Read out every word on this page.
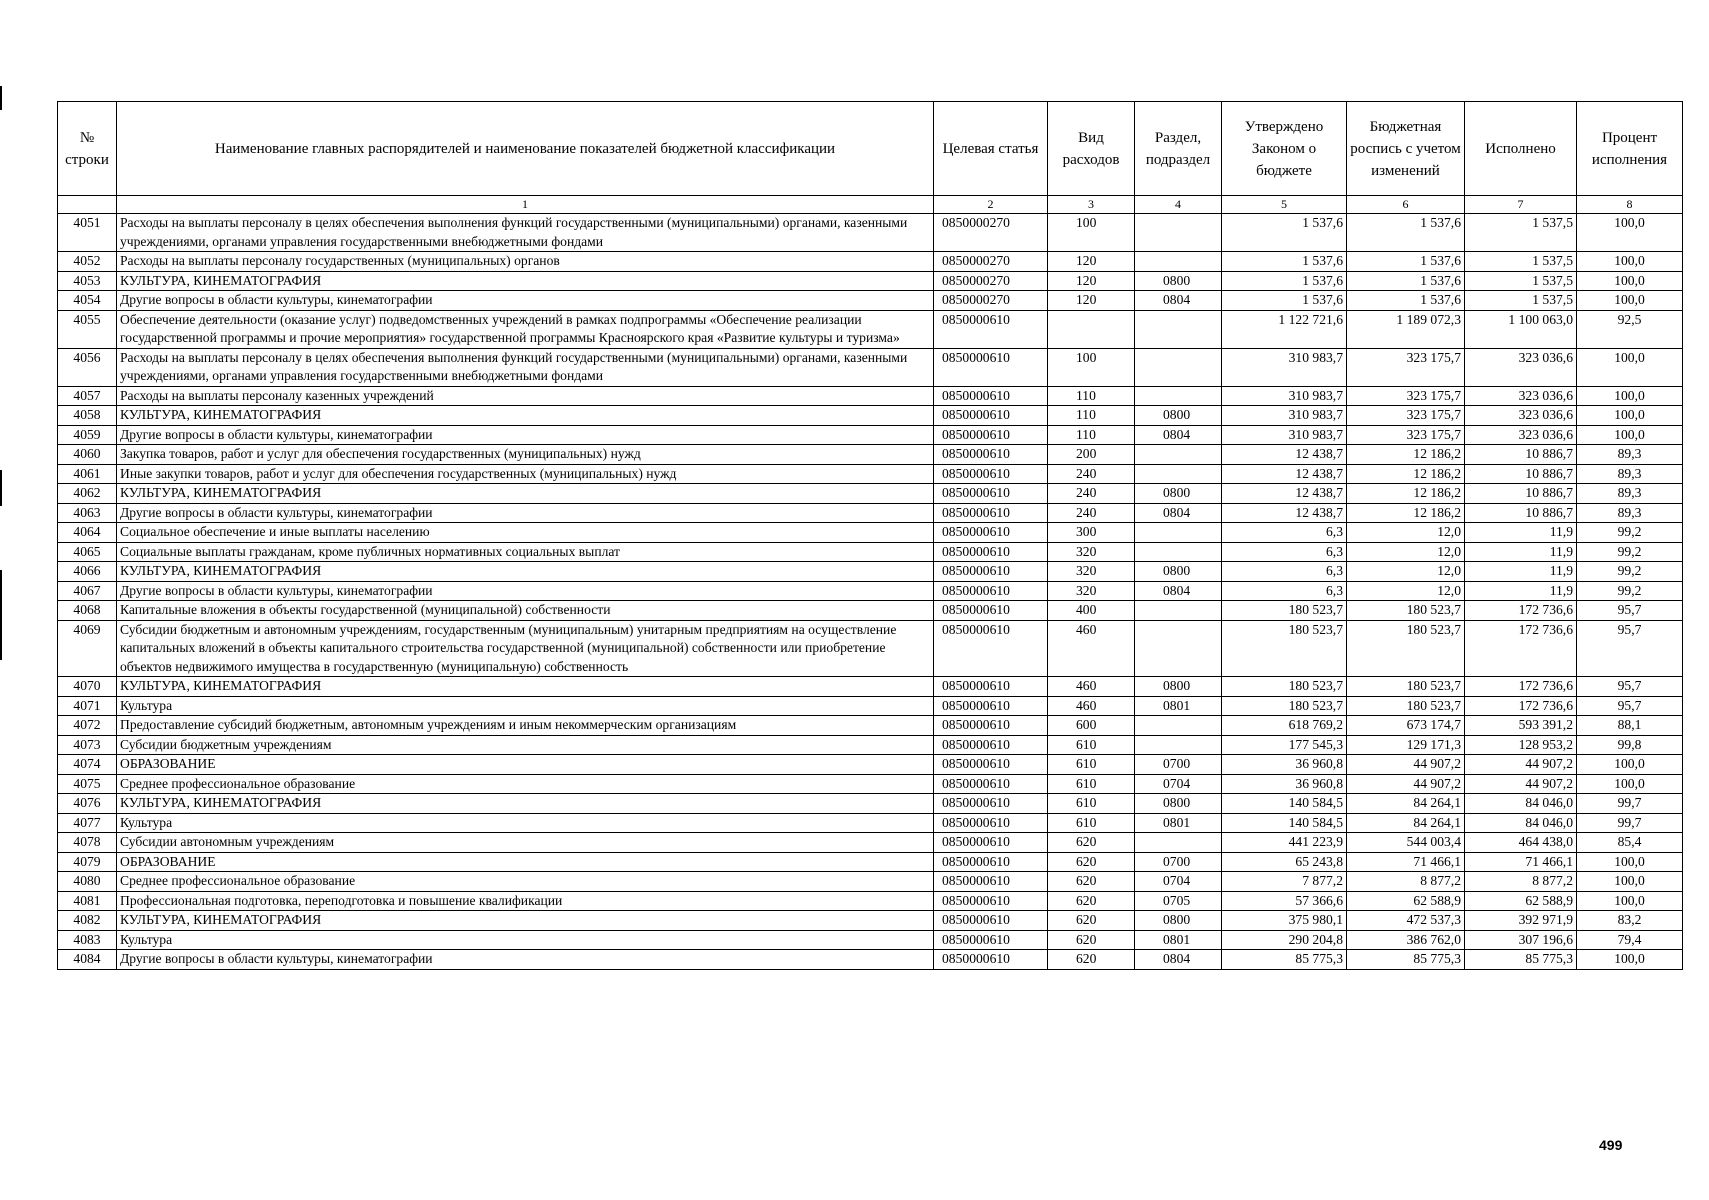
№ строки	Наименование главных распорядителей и наименование показателей бюджетной классификации	Целевая статья	Вид расходов	Раздел, подраздел	Утверждено Законом о бюджете	Бюджетная роспись с учетом изменений	Исполнено	Процент исполнения
	1	2	3	4	5	6	7	8
4051	Расходы на выплаты персоналу в целях обеспечения выполнения функций государственными (муниципальными) органами, казенными учреждениями, органами управления государственными внебюджетными фондами	0850000270	100		1 537,6	1 537,6	1 537,5	100,0
4052	Расходы на выплаты персоналу государственных (муниципальных) органов	0850000270	120		1 537,6	1 537,6	1 537,5	100,0
4053	КУЛЬТУРА, КИНЕМАТОГРАФИЯ	0850000270	120	0800	1 537,6	1 537,6	1 537,5	100,0
4054	Другие вопросы в области культуры, кинематографии	0850000270	120	0804	1 537,6	1 537,6	1 537,5	100,0
4055	Обеспечение деятельности (оказание услуг) подведомственных учреждений в рамках подпрограммы «Обеспечение реализации государственной программы и прочие мероприятия» государственной программы Красноярского края «Развитие культуры и туризма»	0850000610			1 122 721,6	1 189 072,3	1 100 063,0	92,5
4056	Расходы на выплаты персоналу в целях обеспечения выполнения функций государственными (муниципальными) органами, казенными учреждениями, органами управления государственными внебюджетными фондами	0850000610	100		310 983,7	323 175,7	323 036,6	100,0
4057	Расходы на выплаты персоналу казенных учреждений	0850000610	110		310 983,7	323 175,7	323 036,6	100,0
4058	КУЛЬТУРА, КИНЕМАТОГРАФИЯ	0850000610	110	0800	310 983,7	323 175,7	323 036,6	100,0
4059	Другие вопросы в области культуры, кинематографии	0850000610	110	0804	310 983,7	323 175,7	323 036,6	100,0
4060	Закупка товаров, работ и услуг для обеспечения государственных (муниципальных) нужд	0850000610	200		12 438,7	12 186,2	10 886,7	89,3
4061	Иные закупки товаров, работ и услуг для обеспечения государственных (муниципальных) нужд	0850000610	240		12 438,7	12 186,2	10 886,7	89,3
4062	КУЛЬТУРА, КИНЕМАТОГРАФИЯ	0850000610	240	0800	12 438,7	12 186,2	10 886,7	89,3
4063	Другие вопросы в области культуры, кинематографии	0850000610	240	0804	12 438,7	12 186,2	10 886,7	89,3
4064	Социальное обеспечение и иные выплаты населению	0850000610	300		6,3	12,0	11,9	99,2
4065	Социальные выплаты гражданам, кроме публичных нормативных социальных выплат	0850000610	320		6,3	12,0	11,9	99,2
4066	КУЛЬТУРА, КИНЕМАТОГРАФИЯ	0850000610	320	0800	6,3	12,0	11,9	99,2
4067	Другие вопросы в области культуры, кинематографии	0850000610	320	0804	6,3	12,0	11,9	99,2
4068	Капитальные вложения в объекты государственной (муниципальной) собственности	0850000610	400		180 523,7	180 523,7	172 736,6	95,7
4069	Субсидии бюджетным и автономным учреждениям, государственным (муниципальным) унитарным предприятиям на осуществление капитальных вложений в объекты капитального строительства государственной (муниципальной) собственности или приобретение объектов недвижимого имущества в государственную (муниципальную) собственность	0850000610	460		180 523,7	180 523,7	172 736,6	95,7
4070	КУЛЬТУРА, КИНЕМАТОГРАФИЯ	0850000610	460	0800	180 523,7	180 523,7	172 736,6	95,7
4071	Культура	0850000610	460	0801	180 523,7	180 523,7	172 736,6	95,7
4072	Предоставление субсидий бюджетным, автономным учреждениям и иным некоммерческим организациям	0850000610	600		618 769,2	673 174,7	593 391,2	88,1
4073	Субсидии бюджетным учреждениям	0850000610	610		177 545,3	129 171,3	128 953,2	99,8
4074	ОБРАЗОВАНИЕ	0850000610	610	0700	36 960,8	44 907,2	44 907,2	100,0
4075	Среднее профессиональное образование	0850000610	610	0704	36 960,8	44 907,2	44 907,2	100,0
4076	КУЛЬТУРА, КИНЕМАТОГРАФИЯ	0850000610	610	0800	140 584,5	84 264,1	84 046,0	99,7
4077	Культура	0850000610	610	0801	140 584,5	84 264,1	84 046,0	99,7
4078	Субсидии автономным учреждениям	0850000610	620		441 223,9	544 003,4	464 438,0	85,4
4079	ОБРАЗОВАНИЕ	0850000610	620	0700	65 243,8	71 466,1	71 466,1	100,0
4080	Среднее профессиональное образование	0850000610	620	0704	7 877,2	8 877,2	8 877,2	100,0
4081	Профессиональная подготовка, переподготовка и повышение квалификации	0850000610	620	0705	57 366,6	62 588,9	62 588,9	100,0
4082	КУЛЬТУРА, КИНЕМАТОГРАФИЯ	0850000610	620	0800	375 980,1	472 537,3	392 971,9	83,2
4083	Культура	0850000610	620	0801	290 204,8	386 762,0	307 196,6	79,4
4084	Другие вопросы в области культуры, кинематографии	0850000610	620	0804	85 775,3	85 775,3	85 775,3	100,0
499
